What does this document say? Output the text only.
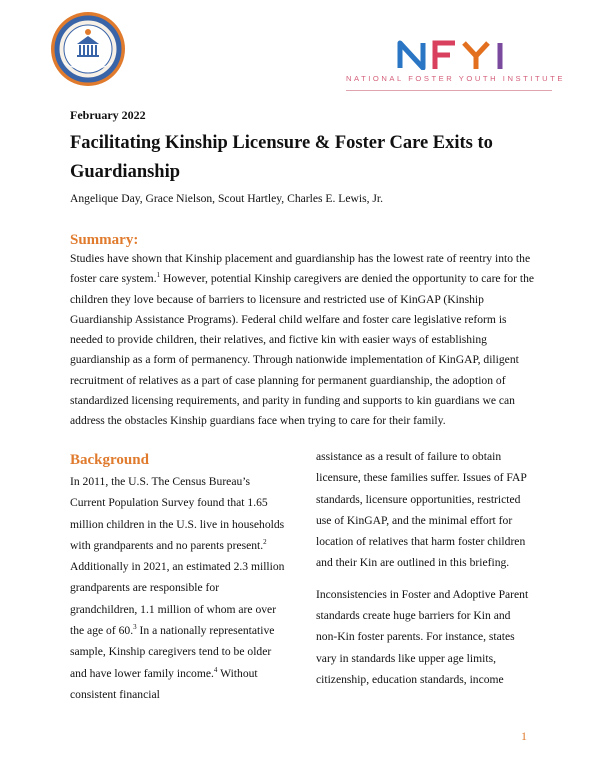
NATIONAL FOSTER YOUTH INSTITUTE
February 2022
Facilitating Kinship Licensure & Foster Care Exits to Guardianship
Angelique Day, Grace Nielson, Scout Hartley, Charles E. Lewis, Jr.
Summary:

Studies have shown that Kinship placement and guardianship has the lowest rate of reentry into the foster care system.$^1$ However, potential Kinship caregivers are denied the opportunity to care for the children they love because of barriers to licensure and restricted use of KinGAP (Kinship Guardianship Assistance Programs). Federal child welfare and foster care legislative reform is needed to provide children, their relatives, and fictive kin with easier ways of establishing guardianship as a form of permanency. Through nationwide implementation of KinGAP, diligent recruitment of relatives as a part of case planning for permanent guardianship, the adoption of standardized licensing requirements, and parity in funding and supports to kin guardians we can address the obstacles Kinship guardians face when trying to care for their family.

Background

In 2011, the U.S. The Census Bureau’s Current Population Survey found that 1.65 million children in the U.S. live in households with grandparents and no parents present.$^2$ Additionally in 2021, an estimated 2.3 million grandparents are responsible for grandchildren, 1.1 million of whom are over the age of 60.$^3$ In a nationally representative sample, Kinship caregivers tend to be older and have lower family income.$^4$ Without consistent financial

assistance as a result of failure to obtain licensure, these families suffer. Issues of FAP standards, licensure opportunities, restricted use of KinGAP, and the minimal effort for location of relatives that harm foster children and their Kin are outlined in this briefing.

Inconsistencies in Foster and Adoptive Parent standards create huge barriers for Kin and non-Kin foster parents. For instance, states vary in standards like upper age limits, citizenship, education standards, income

1
